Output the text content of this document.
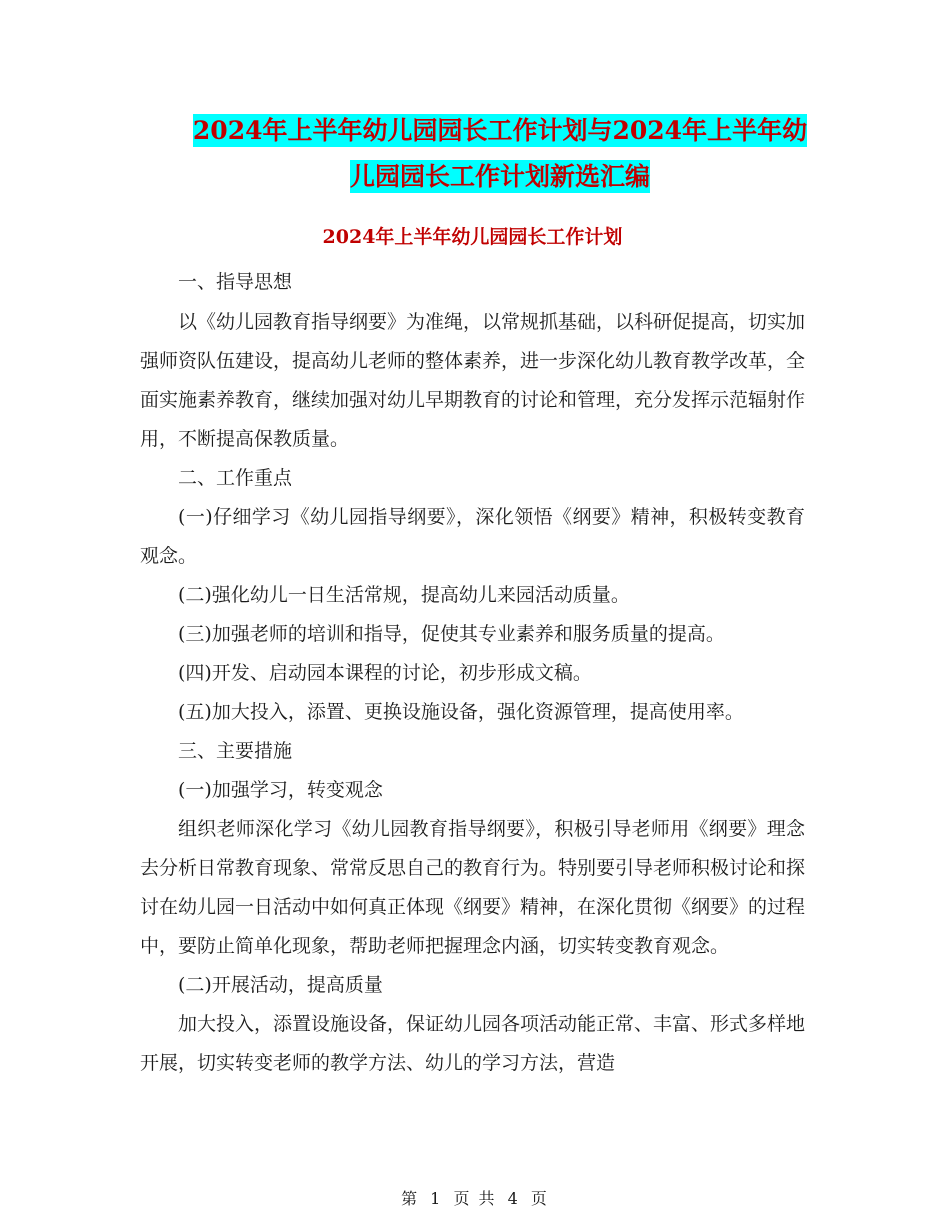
2024年上半年幼儿园园长工作计划与2024年上半年幼
儿园园长工作计划新选汇编
2024年上半年幼儿园园长工作计划

一、指导思想

以《幼儿园教育指导纲要》为准绳，以常规抓基础，以科研促提高，切实加强师资队伍建设，提高幼儿老师的整体素养，进一步深化幼儿教育教学改革，全面实施素养教育，继续加强对幼儿早期教育的讨论和管理，充分发挥示范辐射作用，不断提高保教质量。

二、工作重点

(一)仔细学习《幼儿园指导纲要》，深化领悟《纲要》精神，积极转变教育观念。

(二)强化幼儿一日生活常规，提高幼儿来园活动质量。

(三)加强老师的培训和指导，促使其专业素养和服务质量的提高。

(四)开发、启动园本课程的讨论，初步形成文稿。

(五)加大投入，添置、更换设施设备，强化资源管理，提高使用率。

三、主要措施

(一)加强学习，转变观念

组织老师深化学习《幼儿园教育指导纲要》，积极引导老师用《纲要》理念去分析日常教育现象、常常反思自己的教育行为。特别要引导老师积极讨论和探讨在幼儿园一日活动中如何真正体现《纲要》精神，在深化贯彻《纲要》的过程中，要防止简单化现象，帮助老师把握理念内涵，切实转变教育观念。

(二)开展活动，提高质量

加大投入，添置设施设备，保证幼儿园各项活动能正常、丰富、形式多样地开展，切实转变老师的教学方法、幼儿的学习方法，营造

第 1 页 共 4 页
